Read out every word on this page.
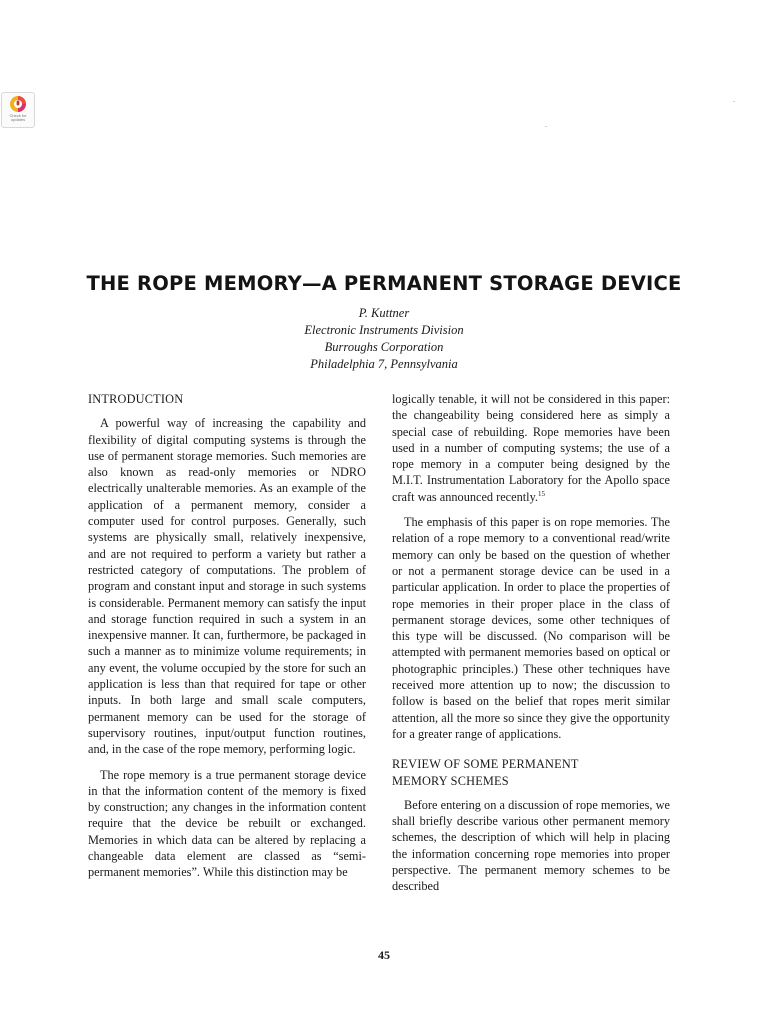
Check for updates
THE ROPE MEMORY—A PERMANENT STORAGE DEVICE
P. Kuttner
Electronic Instruments Division
Burroughs Corporation
Philadelphia 7, Pennsylvania
INTRODUCTION

A powerful way of increasing the capability and flexibility of digital computing systems is through the use of permanent storage memories. Such memories are also known as read-only memories or NDRO electrically unalterable memories. As an example of the application of a permanent memory, consider a computer used for control purposes. Generally, such systems are physically small, relatively inexpensive, and are not required to perform a variety but rather a restricted category of computations. The problem of program and constant input and storage in such systems is considerable. Permanent memory can satisfy the input and storage function required in such a system in an inexpensive manner. It can, furthermore, be packaged in such a manner as to minimize volume requirements; in any event, the volume occupied by the store for such an application is less than that required for tape or other inputs. In both large and small scale computers, permanent memory can be used for the storage of supervisory routines, input/output function routines, and, in the case of the rope memory, performing logic.

The rope memory is a true permanent storage device in that the information content of the memory is fixed by construction; any changes in the information content require that the device be rebuilt or exchanged. Memories in which data can be altered by replacing a changeable data element are classed as “semi-permanent memories”. While this distinction may be

logically tenable, it will not be considered in this paper: the changeability being considered here as simply a special case of rebuilding. Rope memories have been used in a number of computing systems; the use of a rope memory in a computer being designed by the M.I.T. Instrumentation Laboratory for the Apollo space craft was announced recently.$^{15}$

The emphasis of this paper is on rope memories. The relation of a rope memory to a conventional read/write memory can only be based on the question of whether or not a permanent storage device can be used in a particular application. In order to place the properties of rope memories in their proper place in the class of permanent storage devices, some other techniques of this type will be discussed. (No comparison will be attempted with permanent memories based on optical or photographic principles.) These other techniques have received more attention up to now; the discussion to follow is based on the belief that ropes merit similar attention, all the more so since they give the opportunity for a greater range of applications.

REVIEW OF SOME PERMANENT
MEMORY SCHEMES

Before entering on a discussion of rope memories, we shall briefly describe various other permanent memory schemes, the description of which will help in placing the information concerning rope memories into proper perspective. The permanent memory schemes to be described

45
